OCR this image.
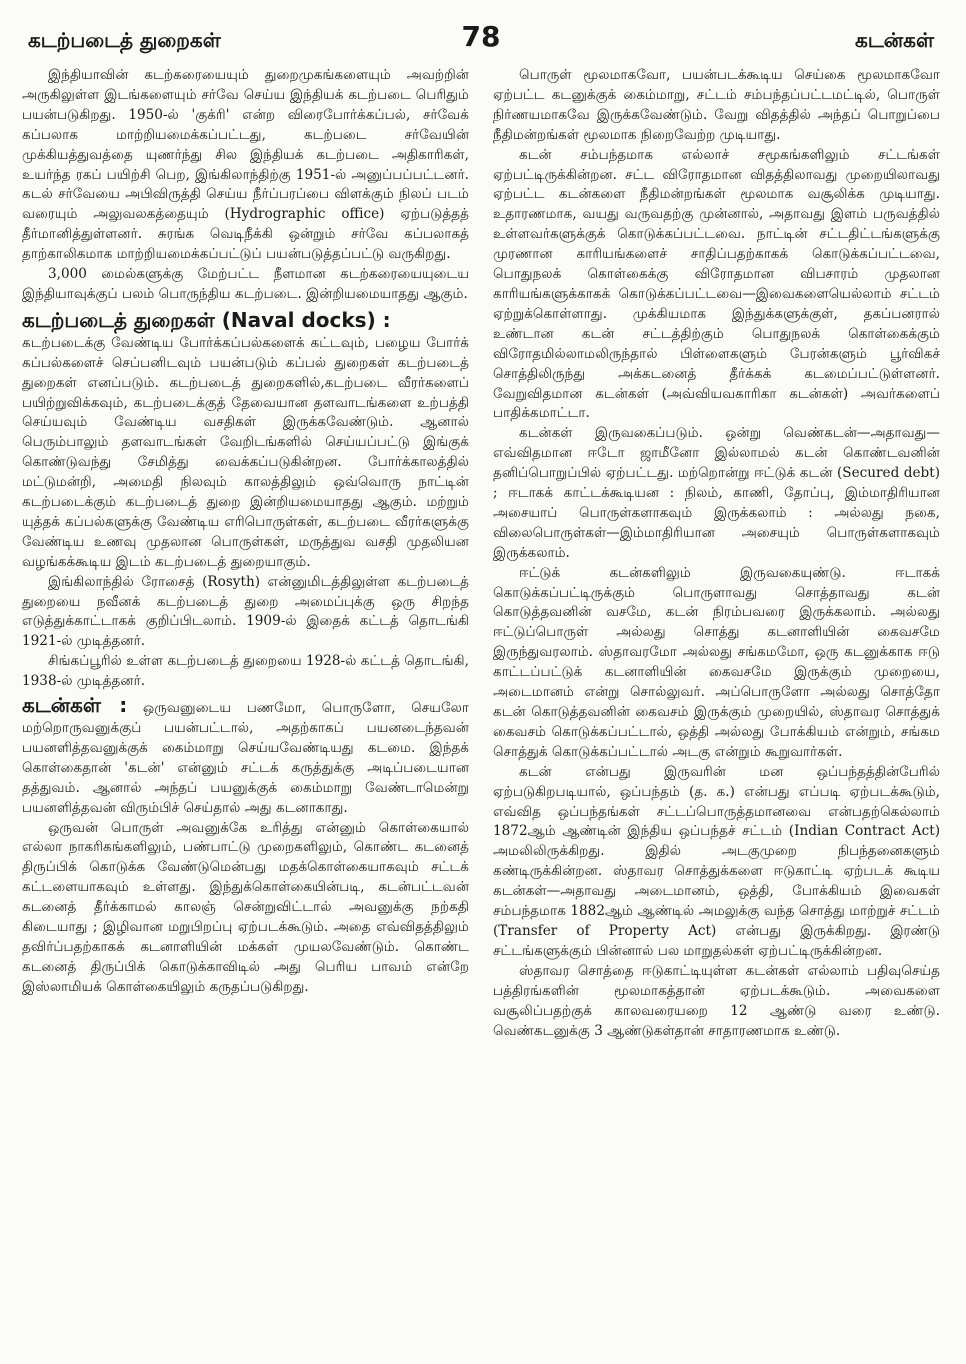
கடற்படைத் துறைகள்	78	கடன்கள்

இந்தியாவின் கடற்கரையையும் துறைமுகங்களையும் அவற்றின் அருகிலுள்ள இடங்களையும் சர்வே செய்ய இந்தியக் கடற்படை பெரிதும் பயன்படுகிறது. 1950-ல் 'குக்ரி' என்ற விரைபோர்க்கப்பல், சர்வேக் கப்பலாக மாற்றியமைக்கப்பட்டது, கடற்படை சர்வேயின் முக்கியத்துவத்தை யுணர்ந்து சில இந்தியக் கடற்படை அதிகாரிகள், உயர்ந்த ரகப் பயிற்சி பெற, இங்கிலாந்திற்கு 1951-ல் அனுப்பப்பட்டனர். கடல் சர்வேயை அபிவிருத்தி செய்ய நீர்ப்பரப்பை விளக்கும் நிலப் படம் வரையும் அலுவலகத்தையும் (Hydrographic office) ஏற்படுத்தத் தீர்மானித்துள்ளனர். சுரங்க வெடிநீக்கி ஒன்றும் சர்வே கப்பலாகத் தாற்காலிகமாக மாற்றியமைக்கப்பட்டுப் பயன்படுத்தப்பட்டு வருகிறது.

3,000 மைல்களுக்கு மேற்பட்ட நீளமான கடற்கரையையுடைய இந்தியாவுக்குப் பலம் பொருந்திய கடற்படை. இன்றியமையாதது ஆகும்.

கடற்படைத் துறைகள் (Naval docks) :

கடற்படைக்கு வேண்டிய போர்க்கப்பல்களைக் கட்டவும், பழைய போர்க் கப்பல்களைச் செப்பனிடவும் பயன்படும் கப்பல் துறைகள் கடற்படைத் துறைகள் எனப்படும். கடற்படைத் துறைகளில்,கடற்படை வீரர்களைப் பயிற்றுவிக்கவும், கடற்படைக்குத் தேவையான தளவாடங்களை உற்பத்தி செய்யவும் வேண்டிய வசதிகள் இருக்கவேண்டும். ஆனால் பெரும்பாலும் தளவாடங்கள் வேறிடங்களில் செய்யப்பட்டு இங்குக் கொண்டுவந்து சேமித்து வைக்கப்படுகின்றன. போர்க்காலத்தில் மட்டுமன்றி, அமைதி நிலவும் காலத்திலும் ஒவ்வொரு நாட்டின் கடற்படைக்கும் கடற்படைத் துறை இன்றியமையாதது ஆகும். மற்றும் யுத்தக் கப்பல்களுக்கு வேண்டிய எரிபொருள்கள், கடற்படை வீரர்களுக்கு வேண்டிய உணவு முதலான பொருள்கள், மருத்துவ வசதி முதலியன வழங்கக்கூடிய இடம் கடற்படைத் துறையாகும்.

இங்கிலாந்தில் ரோசைத் (Rosyth) என்னுமிடத்திலுள்ள கடற்படைத் துறையை நவீனக் கடற்படைத் துறை அமைப்புக்கு ஒரு சிறந்த எடுத்துக்காட்டாகக் குறிப்பிடலாம். 1909-ல் இதைக் கட்டத் தொடங்கி 1921-ல் முடித்தனர்.

சிங்கப்பூரில் உள்ள கடற்படைத் துறையை 1928-ல் கட்டத் தொடங்கி, 1938-ல் முடித்தனர்.

கடன்கள் : ஒருவனுடைய பணமோ, பொருளோ, செயலோ மற்றொருவனுக்குப் பயன்பட்டால், அதற்காகப் பயனடைந்தவன் பயனளித்தவனுக்குக் கைம்மாறு செய்யவேண்டியது கடமை. இந்தக் கொள்கைதான் 'கடன்' என்னும் சட்டக் கருத்துக்கு அடிப்படையான தத்துவம். ஆனால் அந்தப் பயனுக்குக் கைம்மாறு வேண்டாமென்று பயனளித்தவன் விரும்பிச் செய்தால் அது கடனாகாது.

ஒருவன் பொருள் அவனுக்கே உரித்து என்னும் கொள்கையால் எல்லா நாகரிகங்களிலும், பண்பாட்டு முறைகளிலும், கொண்ட கடனைத் திருப்பிக் கொடுக்க வேண்டுமென்பது மதக்கொள்கையாகவும் சட்டக் கட்டளையாகவும் உள்ளது. இந்துக்கொள்கையின்படி, கடன்பட்டவன் கடனைத் தீர்க்காமல் காலஞ் சென்றுவிட்டால் அவனுக்கு நற்கதி கிடையாது ; இழிவான மறுபிறப்பு ஏற்படக்கூடும். அதை எவ்விதத்திலும் தவிர்ப்பதற்காகக் கடனாளியின் மக்கள் முயலவேண்டும். கொண்ட கடனைத் திருப்பிக் கொடுக்காவிடில் அது பெரிய பாவம் என்றே இஸ்லாமியக் கொள்கையிலும் கருதப்படுகிறது.

பொருள் மூலமாகவோ, பயன்படக்கூடிய செய்கை மூலமாகவோ ஏற்பட்ட கடனுக்குக் கைம்மாறு, சட்டம் சம்பந்தப்பட்டமட்டில், பொருள் நிர்ணயமாகவே இருக்கவேண்டும். வேறு விதத்தில் அந்தப் பொறுப்பை நீதிமன்றங்கள் மூலமாக நிறைவேற்ற முடியாது.

கடன் சம்பந்தமாக எல்லாச் சமூகங்களிலும் சட்டங்கள் ஏற்பட்டிருக்கின்றன. சட்ட விரோதமான விதத்திலாவது முறையிலாவது ஏற்பட்ட கடன்களை நீதிமன்றங்கள் மூலமாக வசூலிக்க முடியாது. உதாரணமாக, வயது வருவதற்கு முன்னால், அதாவது இளம் பருவத்தில் உள்ளவர்களுக்குக் கொடுக்கப்பட்டவை. நாட்டின் சட்டதிட்டங்களுக்கு முரணான காரியங்களைச் சாதிப்பதற்காகக் கொடுக்கப்பட்டவை, பொதுநலக் கொள்கைக்கு விரோதமான விபசாரம் முதலான காரியங்களுக்காகக் கொடுக்கப்பட்டவை—இவைகளையெல்லாம் சட்டம் ஏற்றுக்கொள்ளாது. முக்கியமாக இந்துக்களுக்குள், தகப்பனரால் உண்டான கடன் சட்டத்திற்கும் பொதுநலக் கொள்கைக்கும் விரோதமில்லாமலிருந்தால் பிள்ளைகளும் பேரன்களும் பூர்விகச் சொத்திலிருந்து அக்கடனைத் தீர்க்கக் கடமைப்பட்டுள்ளனர். வேறுவிதமான கடன்கள் (அவ்வியவகாரிகா கடன்கள்) அவர்களைப் பாதிக்கமாட்டா.

கடன்கள் இருவகைப்படும். ஒன்று வெண்கடன்—அதாவது—எவ்விதமான ஈடோ ஜாமீனோ இல்லாமல் கடன் கொண்டவனின் தனிப்பொறுப்பில் ஏற்பட்டது. மற்றொன்று ஈட்டுக் கடன் (Secured debt) ; ஈடாகக் காட்டக்கூடியன : நிலம், காணி, தோப்பு, இம்மாதிரியான அசையாப் பொருள்களாகவும் இருக்கலாம் : அல்லது நகை, விலைபொருள்கள்—இம்மாதிரியான அசையும் பொருள்களாகவும் இருக்கலாம்.

ஈட்டுக் கடன்களிலும் இருவகையுண்டு. ஈடாகக் கொடுக்கப்பட்டிருக்கும் பொருளாவது சொத்தாவது கடன் கொடுத்தவனின் வசமே, கடன் நிரம்பவரை இருக்கலாம். அல்லது ஈட்டுப்பொருள் அல்லது சொத்து கடனாளியின் கைவசமே இருந்துவரலாம். ஸ்தாவரமோ அல்லது சங்கமமோ, ஒரு கடனுக்காக ஈடு காட்டப்பட்டுக் கடனாளியின் கைவசமே இருக்கும் முறையை, அடைமானம் என்று சொல்லுவர். அப்பொருளோ அல்லது சொத்தோ கடன் கொடுத்தவனின் கைவசம் இருக்கும் முறையில், ஸ்தாவர சொத்துக் கைவசம் கொடுக்கப்பட்டால், ஒத்தி அல்லது போக்கியம் என்றும், சங்கம சொத்துக் கொடுக்கப்பட்டால் அடகு என்றும் கூறுவார்கள்.

கடன் என்பது இருவரின் மன ஒப்பந்தத்தின்பேரில் ஏற்படுகிறபடியால், ஒப்பந்தம் (த. க.) என்பது எப்படி ஏற்படக்கூடும், எவ்வித ஒப்பந்தங்கள் சட்டப்பொருத்தமானவை என்பதற்கெல்லாம் 1872ஆம் ஆண்டின் இந்திய ஒப்பந்தச் சட்டம் (Indian Contract Act) அமலிலிருக்கிறது. இதில் அடகுமுறை நிபந்தனைகளும் கண்டிருக்கின்றன. ஸ்தாவர சொத்துக்களை ஈடுகாட்டி ஏற்படக் கூடிய கடன்கள்—அதாவது அடைமானம், ஒத்தி, போக்கியம் இவைகள் சம்பந்தமாக 1882ஆம் ஆண்டில் அமலுக்கு வந்த சொத்து மாற்றுச் சட்டம் (Transfer of Property Act) என்பது இருக்கிறது. இரண்டு சட்டங்களுக்கும் பின்னால் பல மாறுதல்கள் ஏற்பட்டிருக்கின்றன.

ஸ்தாவர சொத்தை ஈடுகாட்டியுள்ள கடன்கள் எல்லாம் பதிவுசெய்த பத்திரங்களின் மூலமாகத்தான் ஏற்படக்கூடும். அவைகளை வசூலிப்பதற்குக் காலவரையறை 12 ஆண்டு வரை உண்டு. வெண்கடனுக்கு 3 ஆண்டுகள்தான் சாதாரணமாக உண்டு.
